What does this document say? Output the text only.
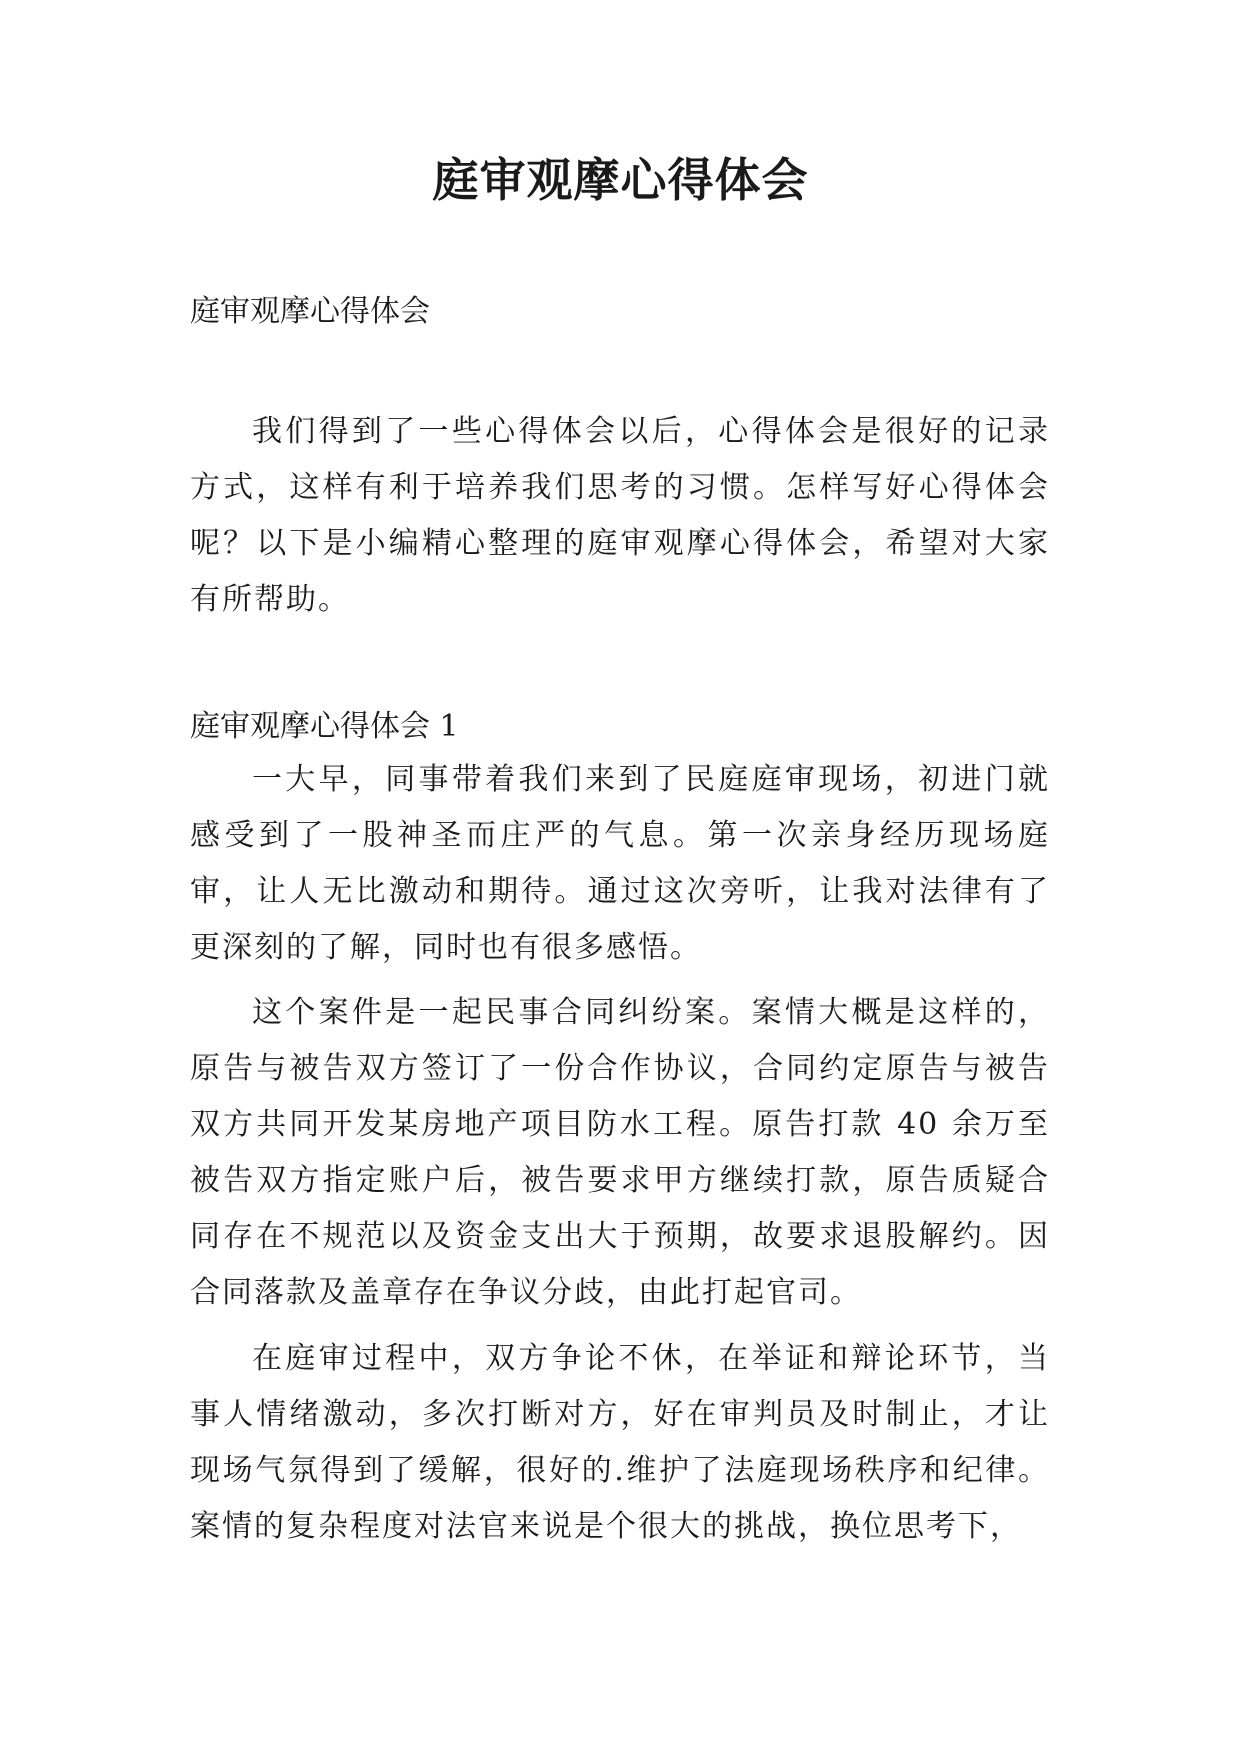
庭审观摩心得体会

庭审观摩心得体会

我们得到了一些心得体会以后，心得体会是很好的记录方式，这样有利于培养我们思考的习惯。怎样写好心得体会呢？以下是小编精心整理的庭审观摩心得体会，希望对大家有所帮助。

庭审观摩心得体会 1

一大早，同事带着我们来到了民庭庭审现场，初进门就感受到了一股神圣而庄严的气息。第一次亲身经历现场庭审，让人无比激动和期待。通过这次旁听，让我对法律有了更深刻的了解，同时也有很多感悟。

这个案件是一起民事合同纠纷案。案情大概是这样的，原告与被告双方签订了一份合作协议，合同约定原告与被告双方共同开发某房地产项目防水工程。原告打款 40 余万至被告双方指定账户后，被告要求甲方继续打款，原告质疑合同存在不规范以及资金支出大于预期，故要求退股解约。因合同落款及盖章存在争议分歧，由此打起官司。

在庭审过程中，双方争论不休，在举证和辩论环节，当事人情绪激动，多次打断对方，好在审判员及时制止，才让现场气氛得到了缓解，很好的.维护了法庭现场秩序和纪律。案情的复杂程度对法官来说是个很大的挑战，换位思考下，
